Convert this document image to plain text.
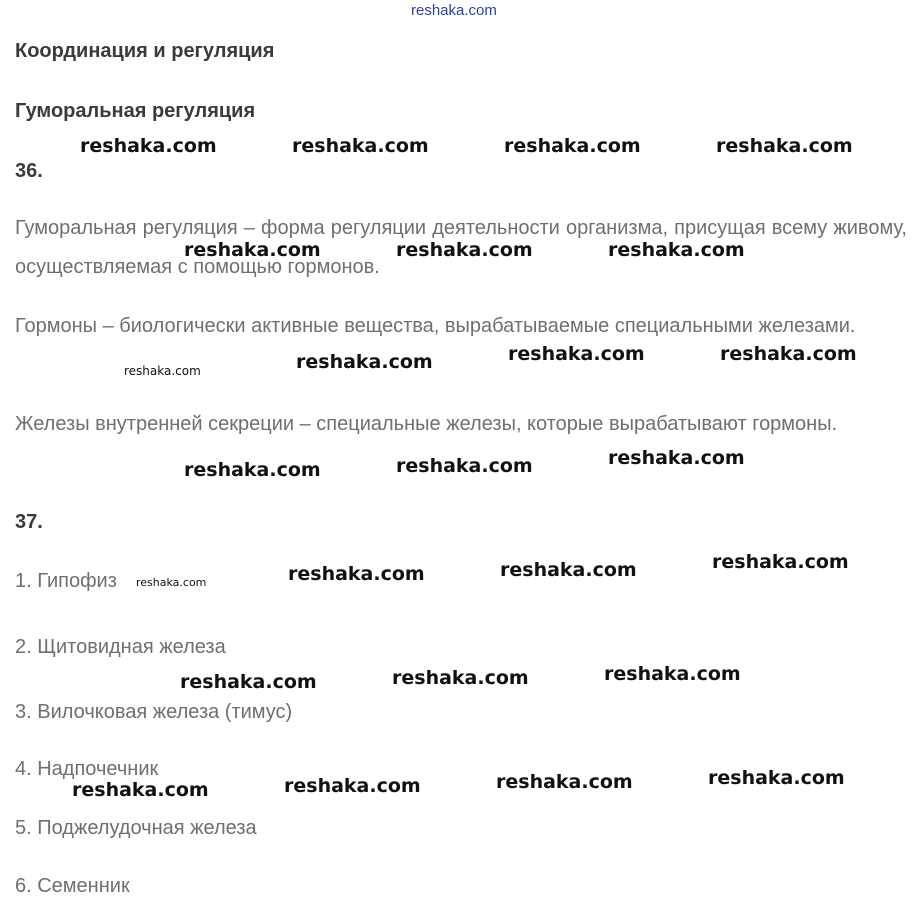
reshaka.com
Координация и регуляция
Гуморальная регуляция
36.
Гуморальная регуляция – форма регуляции деятельности организма, присущая всему живому, осуществляемая с помощью гормонов.
Гормоны – биологически активные вещества, вырабатываемые специальными железами.
Железы внутренней секреции – специальные железы, которые вырабатывают гормоны.
37.
1. Гипофиз
2. Щитовидная железа
3. Вилочковая железа (тимус)
4. Надпочечник
5. Поджелудочная железа
6. Семенник
reshaka.com	reshaka.com	reshaka.com	reshaka.com
reshaka.com	reshaka.com	reshaka.com
reshaka.com	reshaka.com	reshaka.com	reshaka.com
reshaka.com	reshaka.com	reshaka.com
reshaka.com	reshaka.com	reshaka.com	reshaka.com
reshaka.com	reshaka.com	reshaka.com
reshaka.com	reshaka.com	reshaka.com	reshaka.com
